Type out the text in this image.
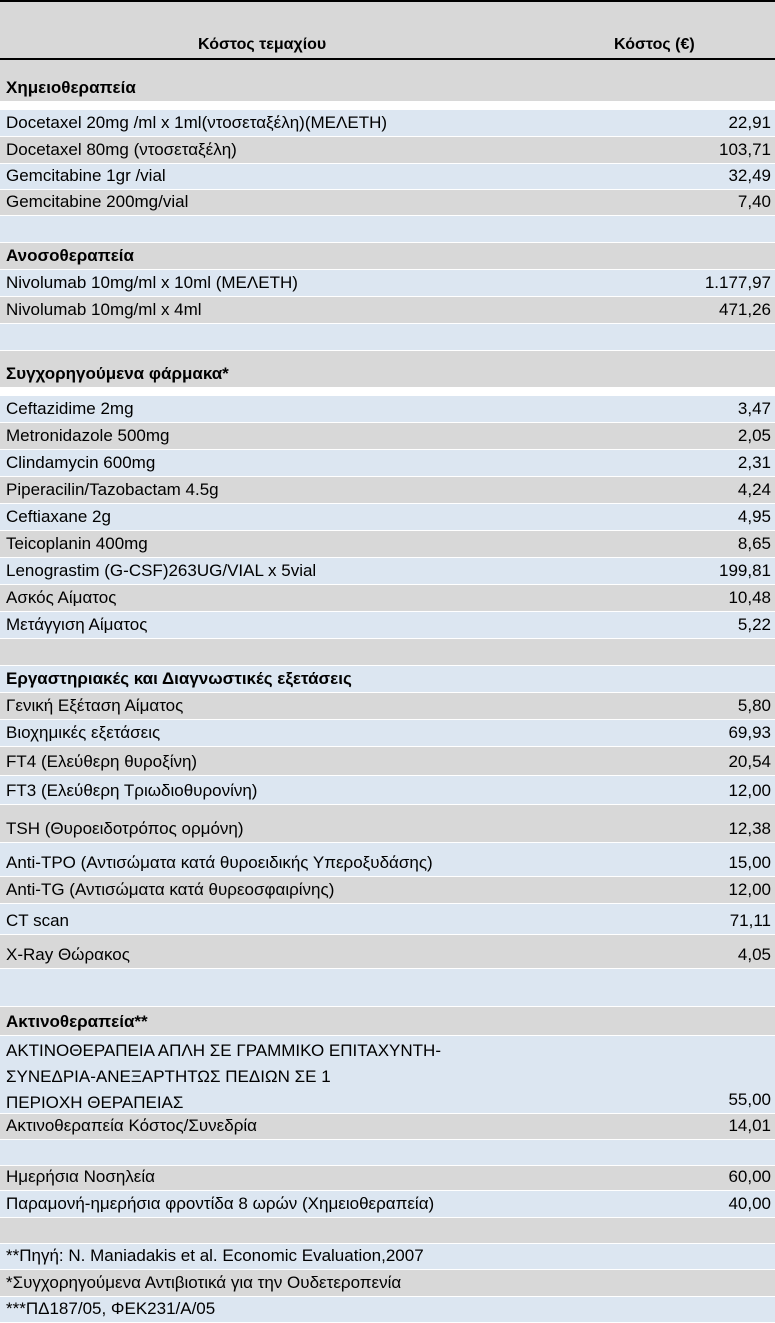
Κόστος τεμαχίου	Κόστος (€)
Χημειοθεραπεία
Docetaxel 20mg /ml x 1ml(ντοσεταξέλη)(ΜΕΛΕΤΗ)	22,91
Docetaxel 80mg (ντοσεταξέλη)	103,71
Gemcitabine 1gr /vial	32,49
Gemcitabine 200mg/vial	7,40
Ανοσοθεραπεία
Nivolumab 10mg/ml x 10ml (ΜΕΛΕΤΗ)	1.177,97
Nivolumab 10mg/ml x 4ml	471,26
Συγχορηγούμενα φάρμακα*
Ceftazidime 2mg	3,47
Metronidazole 500mg	2,05
Clindamycin 600mg	2,31
Piperacilin/Tazobactam 4.5g	4,24
Ceftiaxane 2g	4,95
Teicoplanin 400mg	8,65
Lenograstim (G-CSF)263UG/VIAL x 5vial	199,81
Ασκός Αίματος	10,48
Μετάγγιση Αίματος	5,22
Εργαστηριακές και Διαγνωστικές εξετάσεις
Γενική Εξέταση Αίματος	5,80
Βιοχημικές εξετάσεις	69,93
FT4 (Ελεύθερη θυροξίνη)	20,54
FT3 (Ελεύθερη Τριωδιοθυρονίνη)	12,00
TSH (Θυροειδοτρόπος ορμόνη)	12,38
Anti-TPO (Αντισώματα κατά θυροειδικής Υπεροξυδάσης)	15,00
Anti-TG (Αντισώματα κατά θυρεοσφαιρίνης)	12,00
CT scan	71,11
X-Ray Θώρακος	4,05
Ακτινοθεραπεία**
ΑΚΤΙΝΟΘΕΡΑΠΕΙΑ ΑΠΛΗ ΣΕ ΓΡΑΜΜΙΚΟ ΕΠΙΤΑΧΥΝΤΗ-
ΣΥΝΕΔΡΙΑ-ΑΝΕΞΑΡΤΗΤΩΣ ΠΕΔΙΩΝ ΣΕ 1
ΠΕΡΙΟΧΗ ΘΕΡΑΠΕΙΑΣ	55,00
Ακτινοθεραπεία Κόστος/Συνεδρία	14,01
Ημερήσια Νοσηλεία	60,00
Παραμονή-ημερήσια φροντίδα 8 ωρών (Χημειοθεραπεία)	40,00
**Πηγή: N. Maniadakis et al. Economic Evaluation,2007
*Συγχορηγούμενα Αντιβιοτικά για την Ουδετεροπενία
***ΠΔ187/05, ΦΕΚ231/Α/05
